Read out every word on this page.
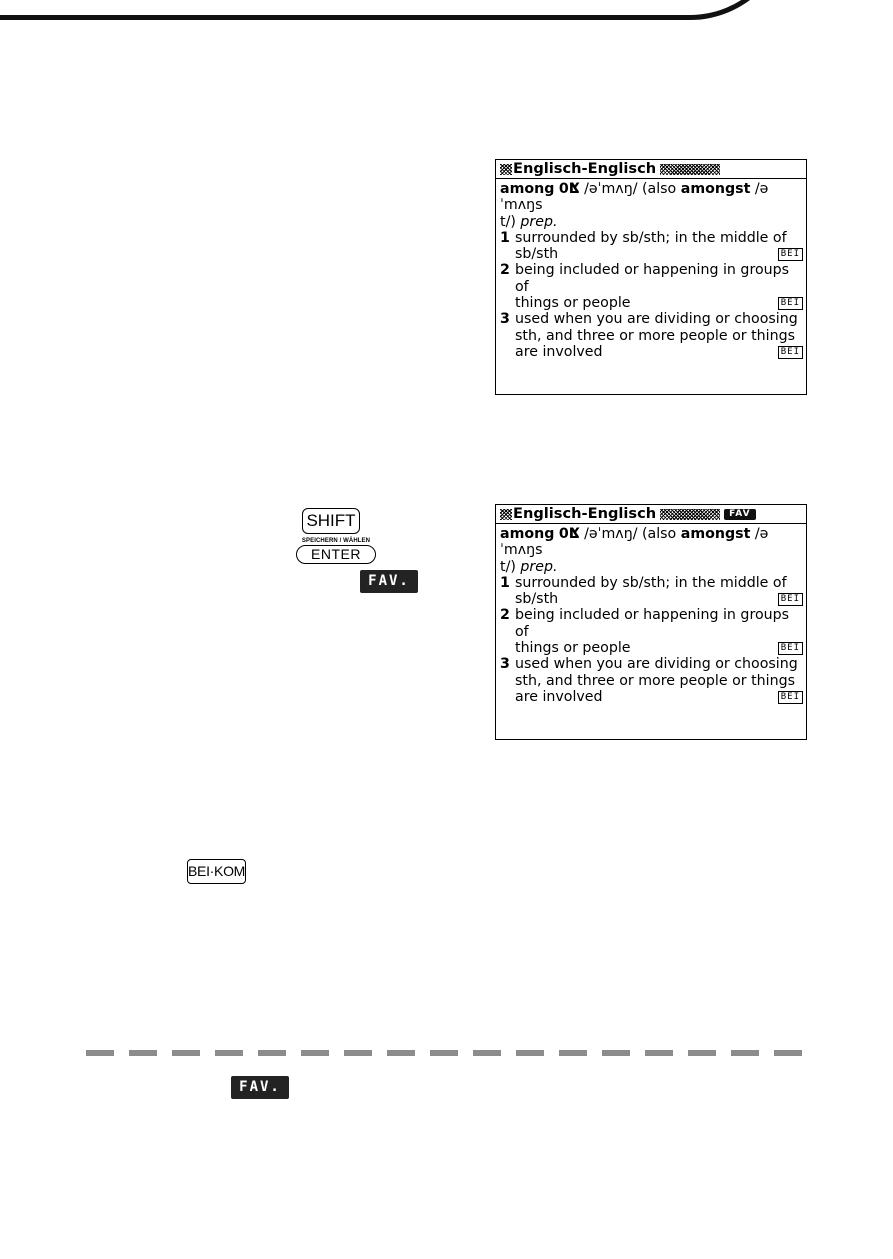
Englisch-Englisch
among 0ⴿ /əˈmʌŋ/ (also amongst /əˈmʌŋs
t/) prep.
1 surrounded by sb/sth; in the middle of
sb/sth	BEI
2 being included or happening in groups of
things or people	BEI
3 used when you are dividing or choosing
sth, and three or more people or things
are involved	BEI
SHIFT
SPEICHERN / WÄHLEN
ENTER
FAV.
Englisch-Englisch	FAV
among 0ⴿ /əˈmʌŋ/ (also amongst /əˈmʌŋs
t/) prep.
1 surrounded by sb/sth; in the middle of
sb/sth	BEI
2 being included or happening in groups of
things or people	BEI
3 used when you are dividing or choosing
sth, and three or more people or things
are involved	BEI
BEI·KOM
FAV.
